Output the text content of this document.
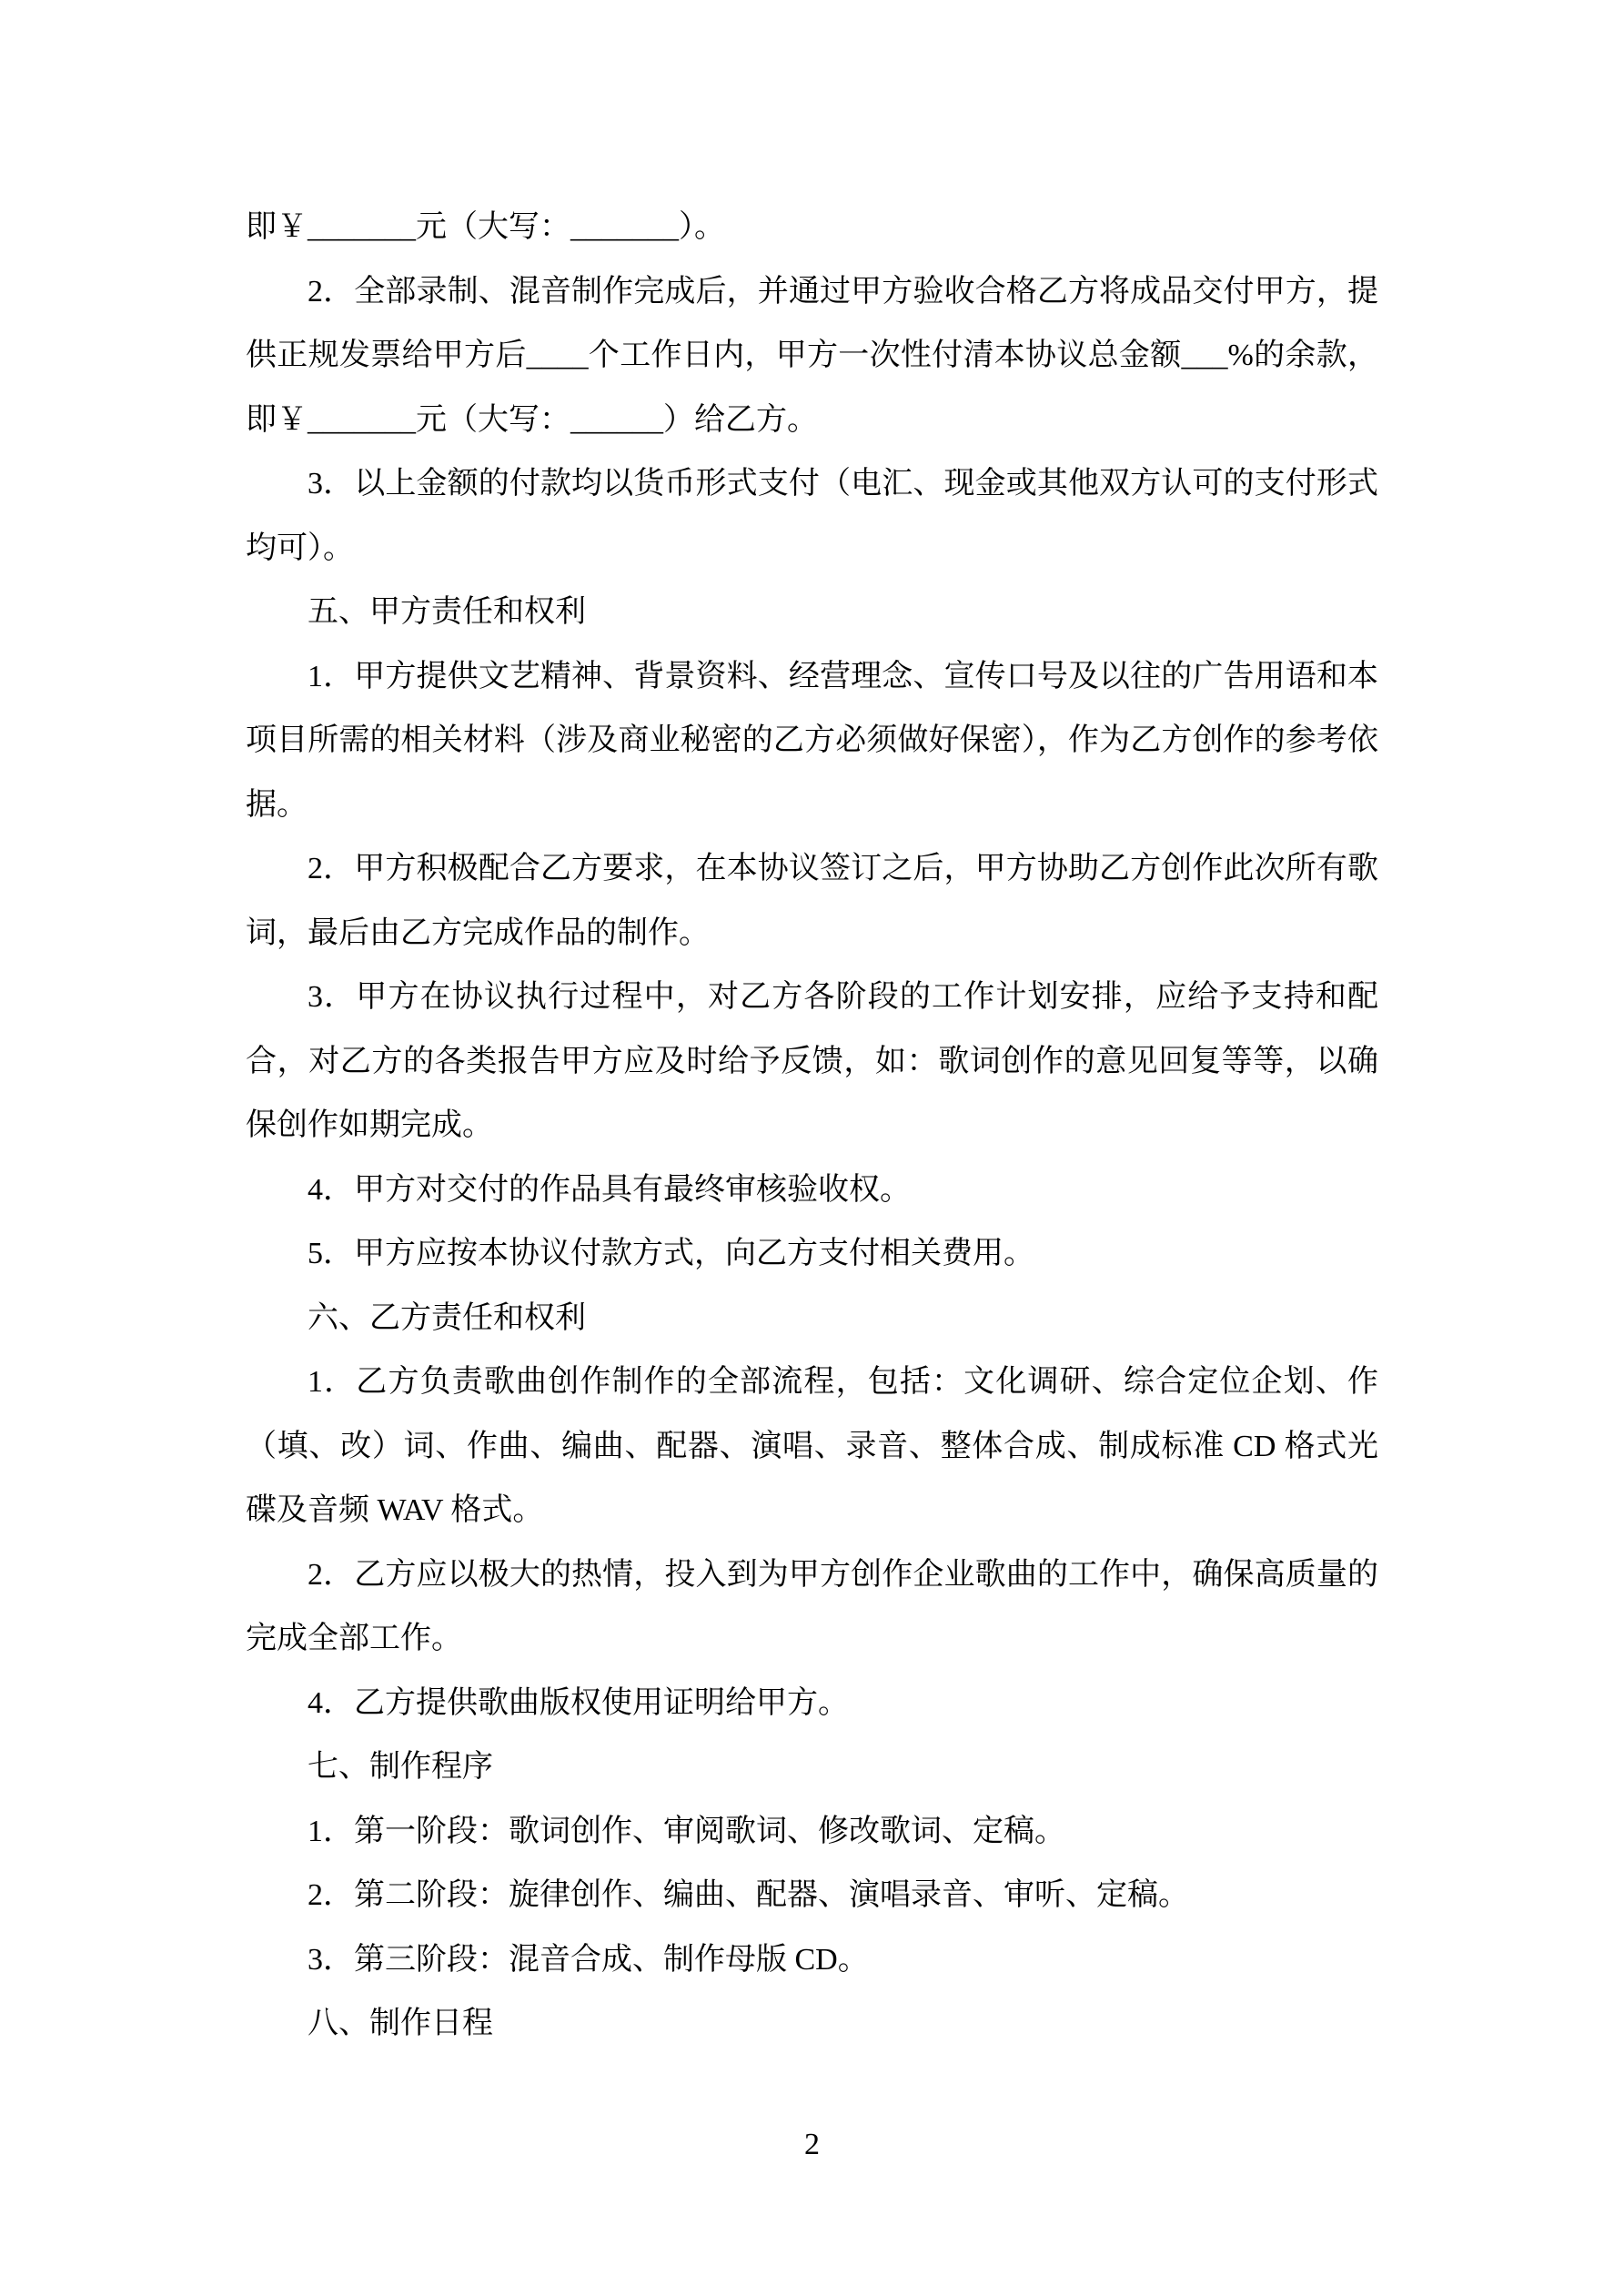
即￥_______元（大写：_______）。

2．全部录制、混音制作完成后，并通过甲方验收合格乙方将成品交付甲方，提供正规发票给甲方后____个工作日内，甲方一次性付清本协议总金额___%的余款，即￥_______元（大写：______）给乙方。

3．以上金额的付款均以货币形式支付（电汇、现金或其他双方认可的支付形式均可）。

五、甲方责任和权利

1．甲方提供文艺精神、背景资料、经营理念、宣传口号及以往的广告用语和本项目所需的相关材料（涉及商业秘密的乙方必须做好保密），作为乙方创作的参考依据。

2．甲方积极配合乙方要求，在本协议签订之后，甲方协助乙方创作此次所有歌词，最后由乙方完成作品的制作。

3．甲方在协议执行过程中，对乙方各阶段的工作计划安排，应给予支持和配合，对乙方的各类报告甲方应及时给予反馈，如：歌词创作的意见回复等等，以确保创作如期完成。

4．甲方对交付的作品具有最终审核验收权。

5．甲方应按本协议付款方式，向乙方支付相关费用。

六、乙方责任和权利

1．乙方负责歌曲创作制作的全部流程，包括：文化调研、综合定位企划、作（填、改）词、作曲、编曲、配器、演唱、录音、整体合成、制成标准 CD 格式光碟及音频 WAV 格式。

2．乙方应以极大的热情，投入到为甲方创作企业歌曲的工作中，确保高质量的完成全部工作。

4．乙方提供歌曲版权使用证明给甲方。

七、制作程序

1．第一阶段：歌词创作、审阅歌词、修改歌词、定稿。

2．第二阶段：旋律创作、编曲、配器、演唱录音、审听、定稿。

3．第三阶段：混音合成、制作母版 CD。

八、制作日程

2
